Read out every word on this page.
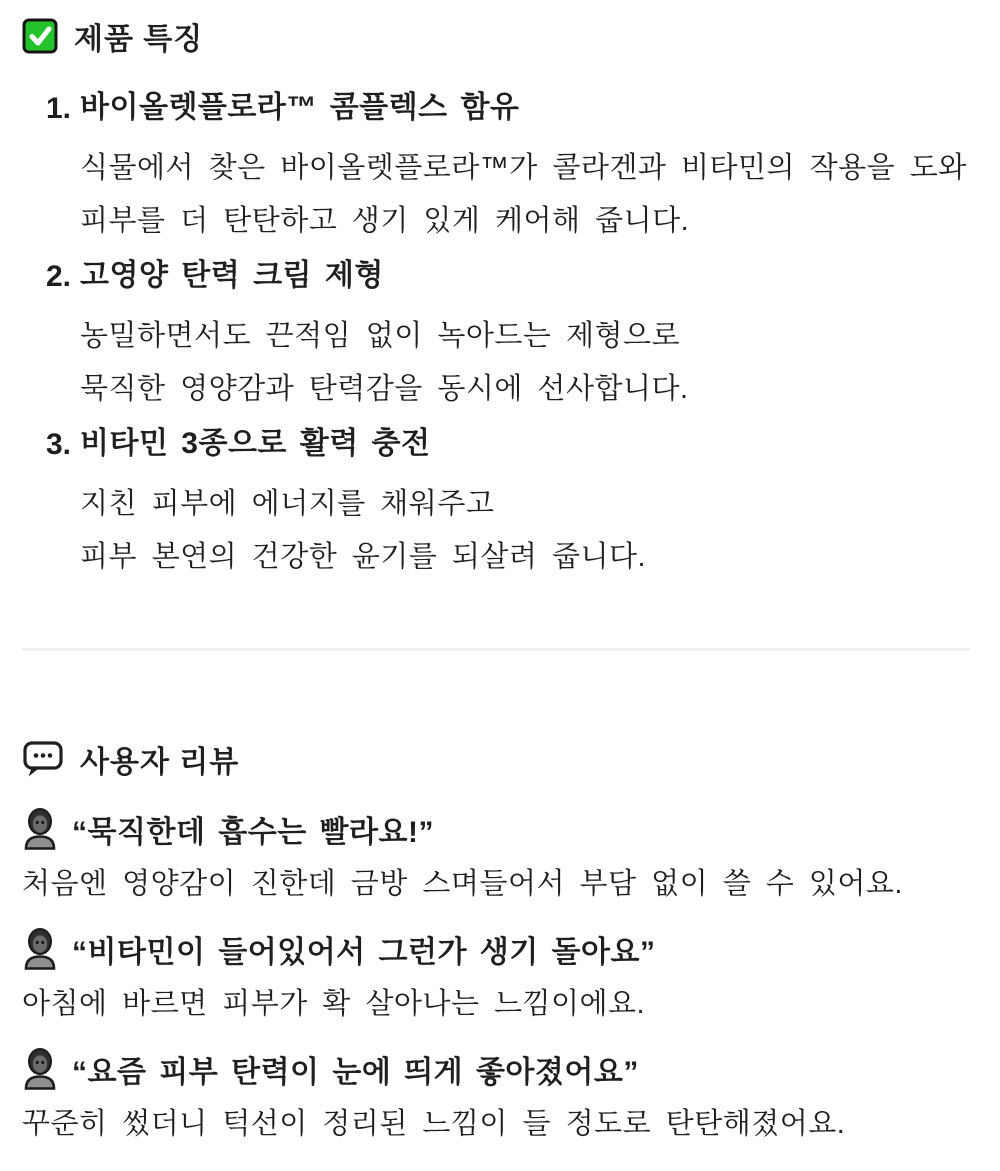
제품 특징
1. 바이올렛플로라™ 콤플렉스 함유
식물에서 찾은 바이올렛플로라™가 콜라겐과 비타민의 작용을 도와
피부를 더 탄탄하고 생기 있게 케어해 줍니다.
2. 고영양 탄력 크림 제형
농밀하면서도 끈적임 없이 녹아드는 제형으로
묵직한 영양감과 탄력감을 동시에 선사합니다.
3. 비타민 3종으로 활력 충전
지친 피부에 에너지를 채워주고
피부 본연의 건강한 윤기를 되살려 줍니다.
사용자 리뷰
“묵직한데 흡수는 빨라요!”

처음엔 영양감이 진한데 금방 스며들어서 부담 없이 쓸 수 있어요.

“비타민이 들어있어서 그런가 생기 돌아요”

아침에 바르면 피부가 확 살아나는 느낌이에요.

“요즘 피부 탄력이 눈에 띄게 좋아졌어요”

꾸준히 썼더니 턱선이 정리된 느낌이 들 정도로 탄탄해졌어요.
